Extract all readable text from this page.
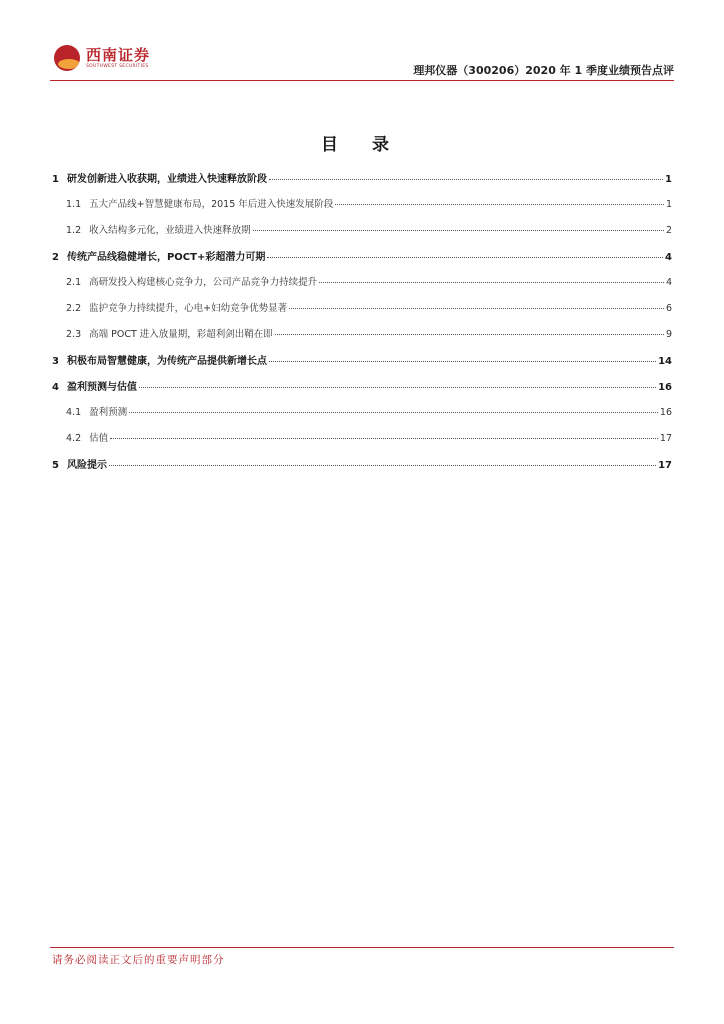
西南证券
SOUTHWEST SECURITIES	理邦仪器（300206）2020 年 1 季度业绩预告点评
目 录
1 研发创新进入收获期，业绩进入快速释放阶段	1
1.1 五大产品线+智慧健康布局，2015 年后进入快速发展阶段	1
1.2 收入结构多元化，业绩进入快速释放期	2
2 传统产品线稳健增长，POCT+彩超潜力可期	4
2.1 高研发投入构建核心竞争力，公司产品竞争力持续提升	4
2.2 监护竞争力持续提升，心电+妇幼竞争优势显著	6
2.3 高端 POCT 进入放量期，彩超利剑出鞘在即	9
3 积极布局智慧健康，为传统产品提供新增长点	14
4 盈利预测与估值	16
4.1 盈利预测	16
4.2 估值	17
5 风险提示	17
请务必阅读正文后的重要声明部分
